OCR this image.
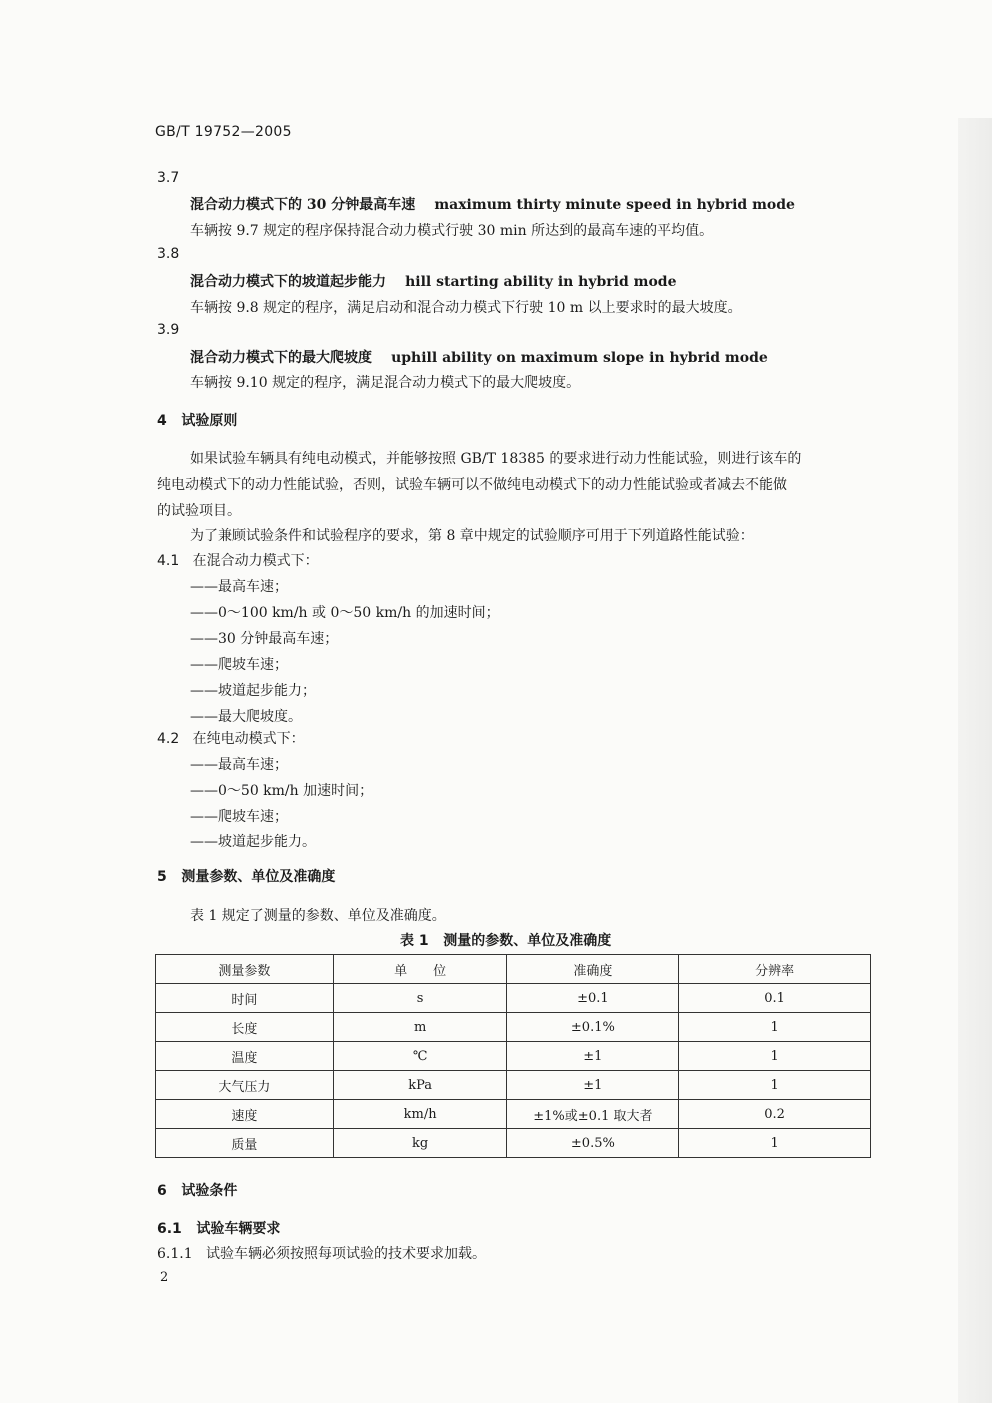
GB/T 19752—2005
3.7
混合动力模式下的 30 分钟最高车速 maximum thirty minute speed in hybrid mode
车辆按 9.7 规定的程序保持混合动力模式行驶 30 min 所达到的最高车速的平均值。
3.8
混合动力模式下的坡道起步能力 hill starting ability in hybrid mode
车辆按 9.8 规定的程序，满足启动和混合动力模式下行驶 10 m 以上要求时的最大坡度。
3.9
混合动力模式下的最大爬坡度 uphill ability on maximum slope in hybrid mode
车辆按 9.10 规定的程序，满足混合动力模式下的最大爬坡度。
4   试验原则
如果试验车辆具有纯电动模式，并能够按照 GB/T 18385 的要求进行动力性能试验，则进行该车的
纯电动模式下的动力性能试验，否则，试验车辆可以不做纯电动模式下的动力性能试验或者减去不能做
的试验项目。
为了兼顾试验条件和试验程序的要求，第 8 章中规定的试验顺序可用于下列道路性能试验：
4.1   在混合动力模式下：
——最高车速；
——0～100 km/h 或 0～50 km/h 的加速时间；
——30 分钟最高车速；
——爬坡车速；
——坡道起步能力；
——最大爬坡度。
4.2   在纯电动模式下：
——最高车速；
——0～50 km/h 加速时间；
——爬坡车速；
——坡道起步能力。
5   测量参数、单位及准确度
表 1 规定了测量的参数、单位及准确度。
表 1   测量的参数、单位及准确度
测量参数	单　　位	准确度	分辨率
时间	s	±0.1	0.1
长度	m	±0.1%	1
温度	℃	±1	1
大气压力	kPa	±1	1
速度	km/h	±1%或±0.1 取大者	0.2
质量	kg	±0.5%	1
6   试验条件
6.1   试验车辆要求
6.1.1   试验车辆必须按照每项试验的技术要求加载。
2
